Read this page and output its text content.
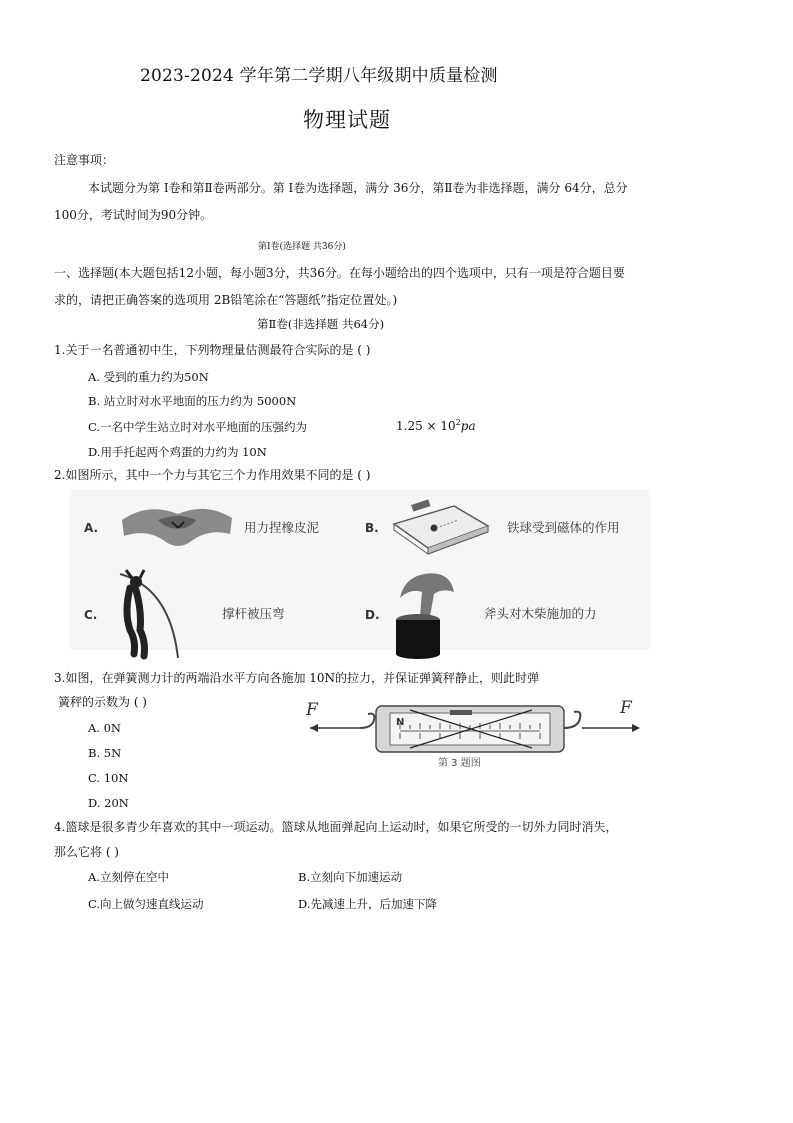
2023-2024 学年第二学期八年级期中质量检测
物理试题
注意事项：
本试题分为第 Ⅰ卷和第Ⅱ卷两部分。第 Ⅰ卷为选择题，满分 36分，第Ⅱ卷为非选择题，满分 64分，总分
100分，考试时间为90分钟。
第Ⅰ卷(选择题 共36分)
一、选择题(本大题包括12小题，每小题3分，共36分。在每小题给出的四个选项中，只有一项是符合题目要
求的，请把正确答案的选项用 2B铅笔涂在“答题纸”指定位置处。)
第Ⅱ卷(非选择题 共64分)
1.关于一名普通初中生，下列物理量估测最符合实际的是 ( )
A. 受到的重力约为50N
B. 站立时对水平地面的压力约为 5000N
C.一名中学生站立时对水平地面的压强约为	$1.25 \times 10^2pa$
D.用手托起两个鸡蛋的力约为 10N
2.如图所示，其中一个力与其它三个力作用效果不同的是 ( )
A.	用力捏橡皮泥	B.	铁球受到磁体的作用
C.	撑杆被压弯	D.	斧头对木柴施加的力
3.如图，在弹簧测力计的两端沿水平方向各施加 10N的拉力，并保证弹簧秤静止，则此时弹
簧秤的示数为 ( )
A. 0N
B. 5N
C. 10N
D. 20N
F	F
N
第 3 题图
4.篮球是很多青少年喜欢的其中一项运动。篮球从地面弹起向上运动时，如果它所受的一切外力同时消失，
那么它将 ( )
A.立刻停在空中	B.立刻向下加速运动
C.向上做匀速直线运动	D.先减速上升，后加速下降
